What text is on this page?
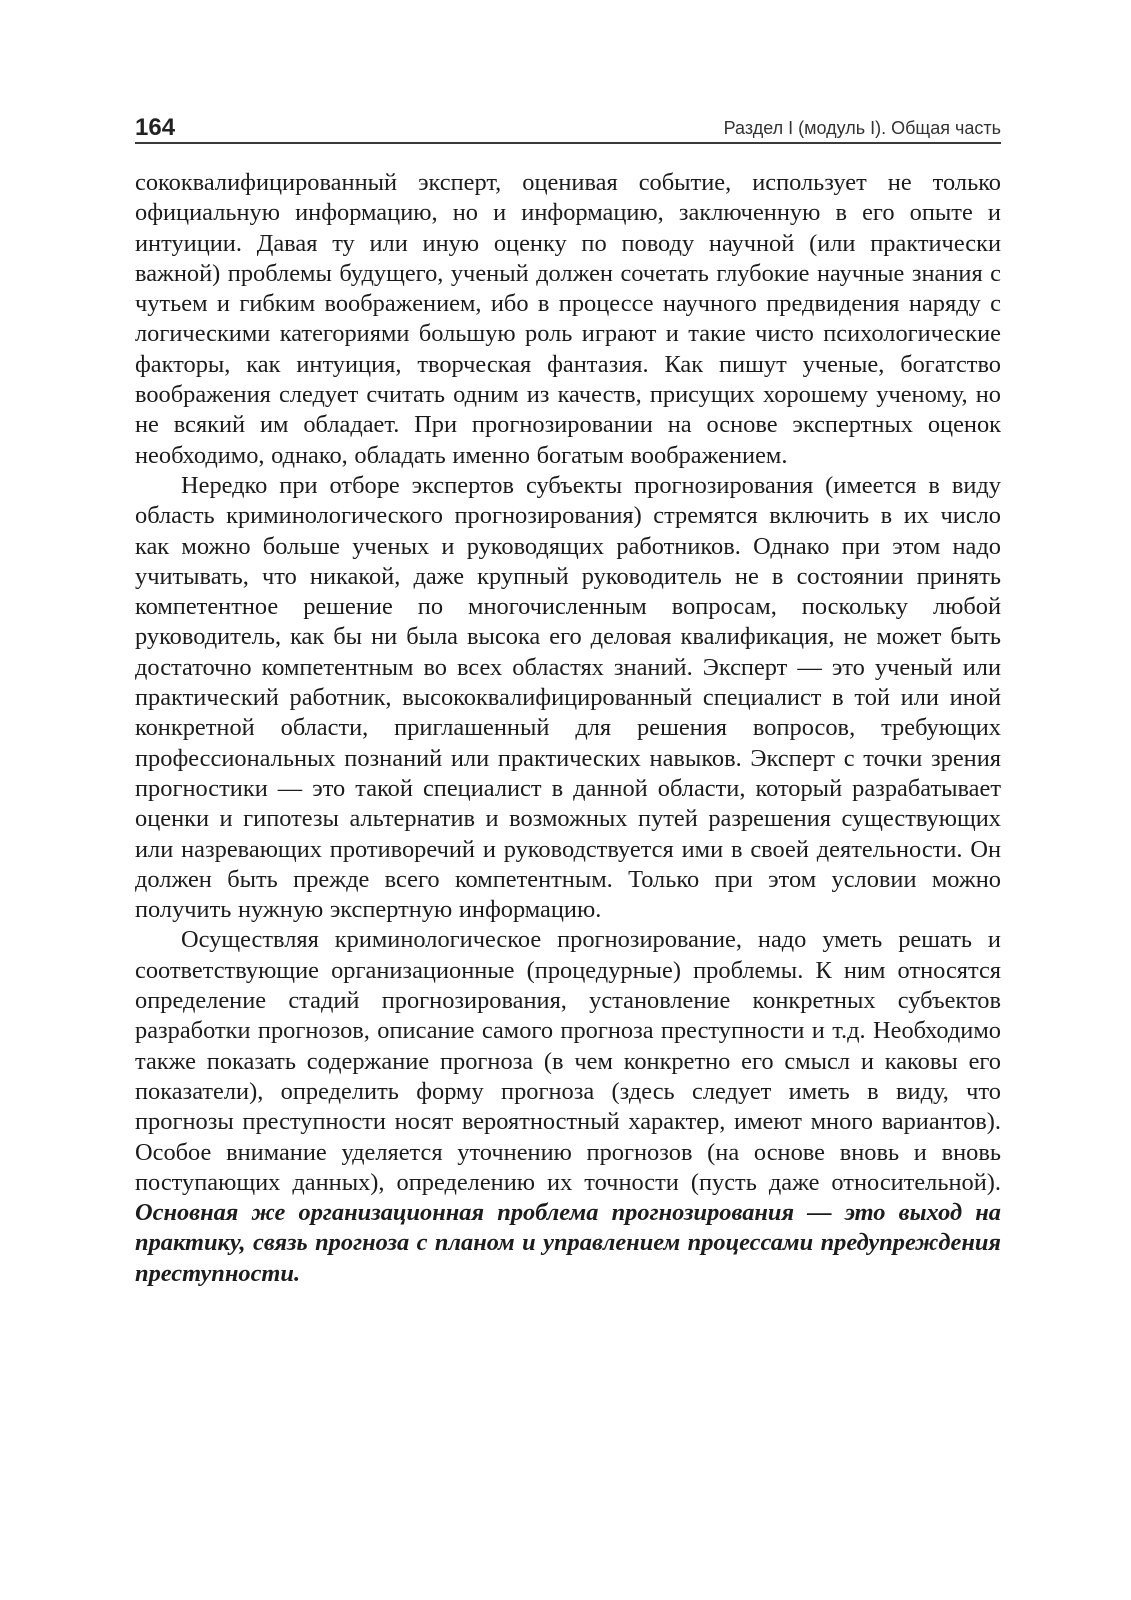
164	Раздел I (модуль I). Общая часть

сококвалифицированный эксперт, оценивая событие, использует не только официальную информацию, но и информацию, заключенную в его опыте и интуиции. Давая ту или иную оценку по поводу научной (или практически важной) проблемы будущего, ученый должен сочетать глубокие научные знания с чутьем и гибким воображением, ибо в процессе научного предвидения наряду с логическими категориями большую роль играют и такие чисто психологические факторы, как интуиция, творческая фантазия. Как пишут ученые, богатство воображения следует считать одним из качеств, присущих хорошему ученому, но не всякий им обладает. При прогнозировании на основе экспертных оценок необходимо, однако, обладать именно богатым воображением.

Нередко при отборе экспертов субъекты прогнозирования (имеется в виду область криминологического прогнозирования) стремятся включить в их число как можно больше ученых и руководящих работников. Однако при этом надо учитывать, что никакой, даже крупный руководитель не в состоянии принять компетентное решение по многочисленным вопросам, поскольку любой руководитель, как бы ни была высока его деловая квалификация, не может быть достаточно компетентным во всех областях знаний. Эксперт — это ученый или практический работник, высококвалифицированный специалист в той или иной конкретной области, приглашенный для решения вопросов, требующих профессиональных познаний или практических навыков. Эксперт с точки зрения прогностики — это такой специалист в данной области, который разрабатывает оценки и гипотезы альтернатив и возможных путей разрешения существующих или назревающих противоречий и руководствуется ими в своей деятельности. Он должен быть прежде всего компетентным. Только при этом условии можно получить нужную экспертную информацию.

Осуществляя криминологическое прогнозирование, надо уметь решать и соответствующие организационные (процедурные) проблемы. К ним относятся определение стадий прогнозирования, установление конкретных субъектов разработки прогнозов, описание самого прогноза преступности и т.д. Необходимо также показать содержание прогноза (в чем конкретно его смысл и каковы его показатели), определить форму прогноза (здесь следует иметь в виду, что прогнозы преступности носят вероятностный характер, имеют много вариантов). Особое внимание уделяется уточнению прогнозов (на основе вновь и вновь поступающих данных), определению их точности (пусть даже относительной). Основная же организационная проблема прогнозирования — это выход на практику, связь прогноза с планом и управлением процессами предупреждения преступности.
